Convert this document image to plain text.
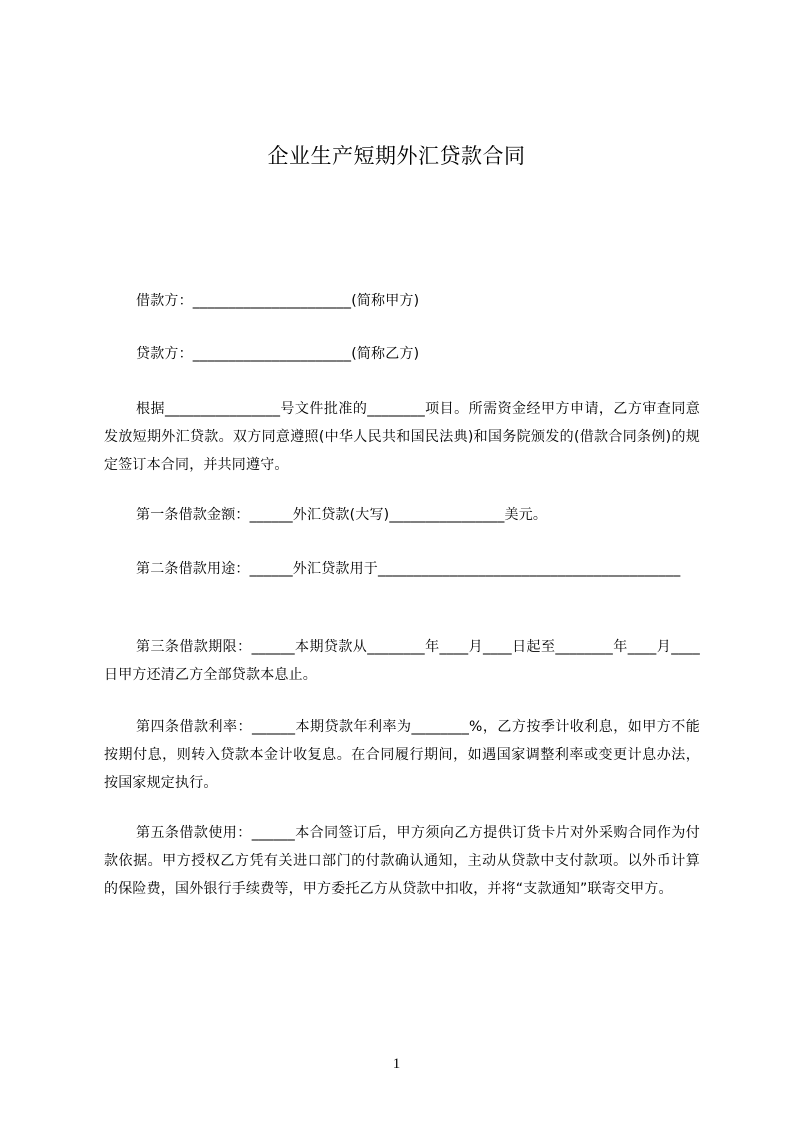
企业生产短期外汇贷款合同
借款方：______________________(简称甲方)
贷款方：______________________(简称乙方)
根据________________号文件批准的________项目。所需资金经甲方申请，乙方审查同意发放短期外汇贷款。双方同意遵照(中华人民共和国民法典)和国务院颁发的(借款合同条例)的规定签订本合同，并共同遵守。
第一条借款金额：______外汇贷款(大写)________________美元。
第二条借款用途：______外汇贷款用于__________________________________________
第三条借款期限：______本期贷款从________年____月____日起至________年____月____日甲方还清乙方全部贷款本息止。
第四条借款利率：______本期贷款年利率为________%，乙方按季计收利息，如甲方不能按期付息，则转入贷款本金计收复息。在合同履行期间，如遇国家调整利率或变更计息办法，按国家规定执行。
第五条借款使用：______本合同签订后，甲方须向乙方提供订货卡片对外采购合同作为付款依据。甲方授权乙方凭有关进口部门的付款确认通知，主动从贷款中支付款项。以外币计算的保险费，国外银行手续费等，甲方委托乙方从贷款中扣收，并将“支款通知”联寄交甲方。
1
